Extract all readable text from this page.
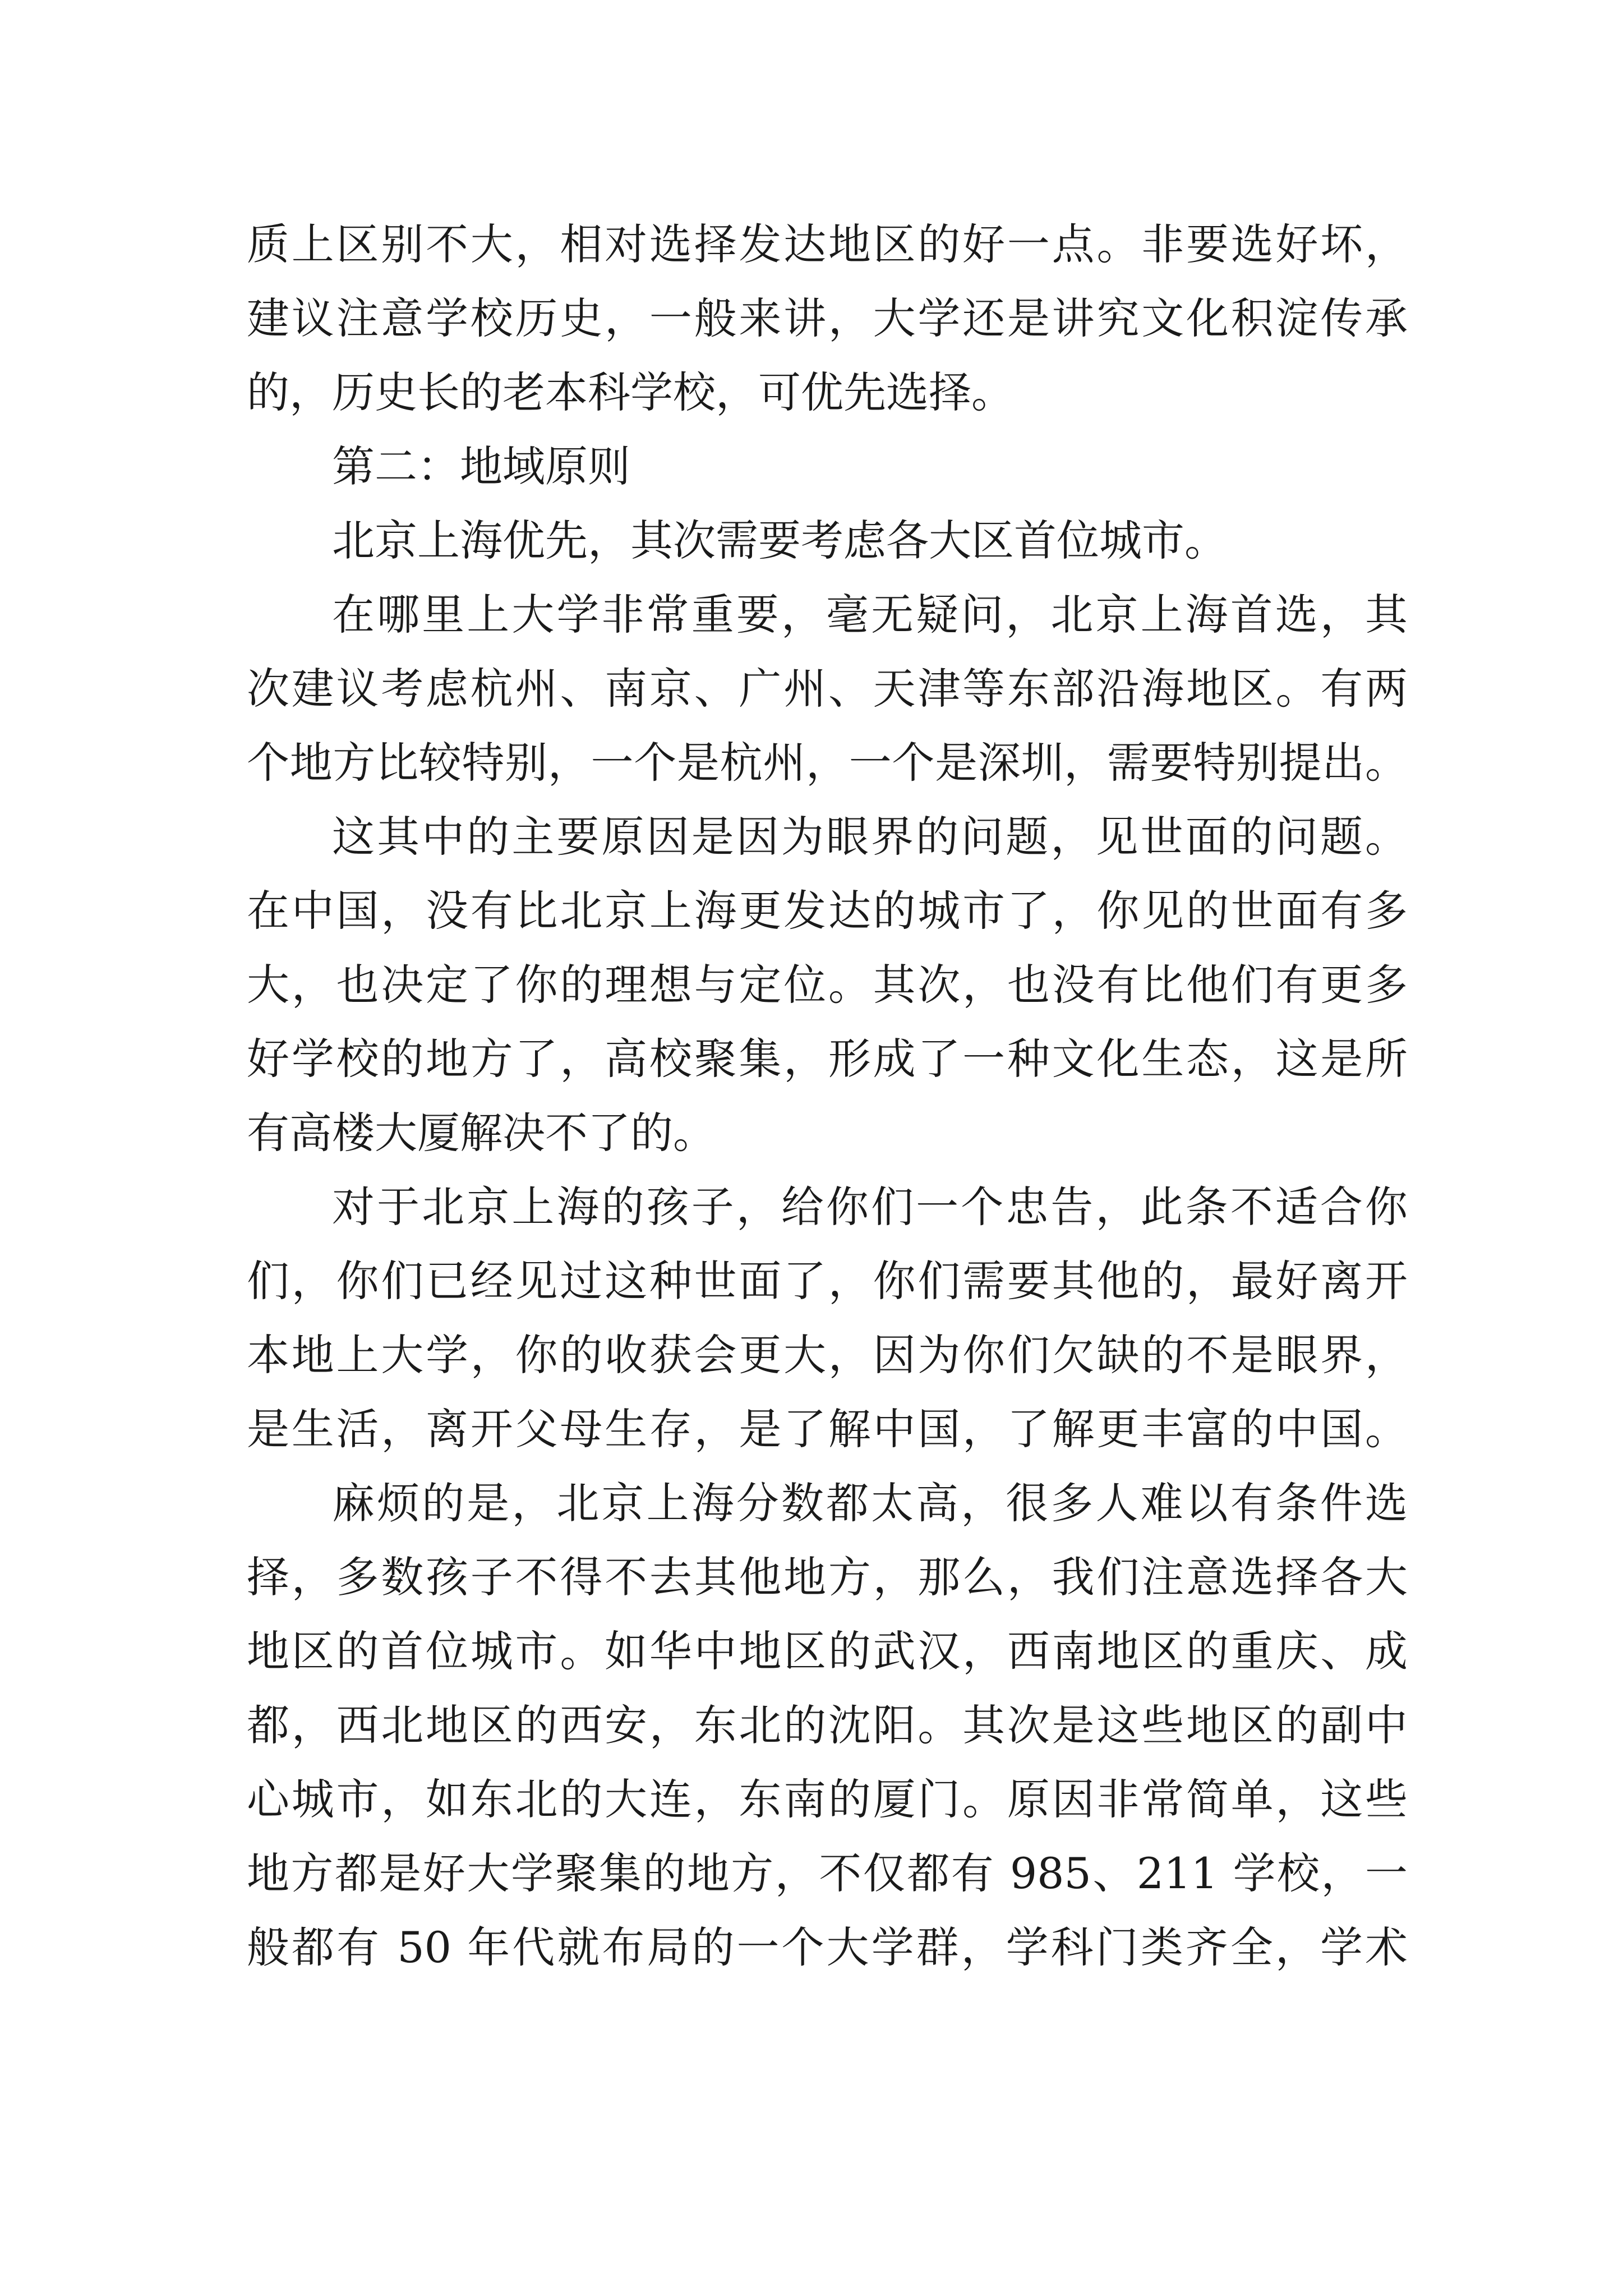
质上区别不大，相对选择发达地区的好一点。非要选好坏，
建议注意学校历史，一般来讲，大学还是讲究文化积淀传承
的，历史长的老本科学校，可优先选择。
第二：地域原则
北京上海优先，其次需要考虑各大区首位城市。
在哪里上大学非常重要，毫无疑问，北京上海首选，其
次建议考虑杭州、南京、广州、天津等东部沿海地区。有两
个地方比较特别，一个是杭州，一个是深圳，需要特别提出。
这其中的主要原因是因为眼界的问题，见世面的问题。
在中国，没有比北京上海更发达的城市了，你见的世面有多
大，也决定了你的理想与定位。其次，也没有比他们有更多
好学校的地方了，高校聚集，形成了一种文化生态，这是所
有高楼大厦解决不了的。
对于北京上海的孩子，给你们一个忠告，此条不适合你
们，你们已经见过这种世面了，你们需要其他的，最好离开
本地上大学，你的收获会更大，因为你们欠缺的不是眼界，
是生活，离开父母生存，是了解中国，了解更丰富的中国。
麻烦的是，北京上海分数都太高，很多人难以有条件选
择，多数孩子不得不去其他地方，那么，我们注意选择各大
地区的首位城市。如华中地区的武汉，西南地区的重庆、成
都，西北地区的西安，东北的沈阳。其次是这些地区的副中
心城市，如东北的大连，东南的厦门。原因非常简单，这些
地方都是好大学聚集的地方，不仅都有 985、211 学校，一
般都有 50 年代就布局的一个大学群，学科门类齐全，学术
